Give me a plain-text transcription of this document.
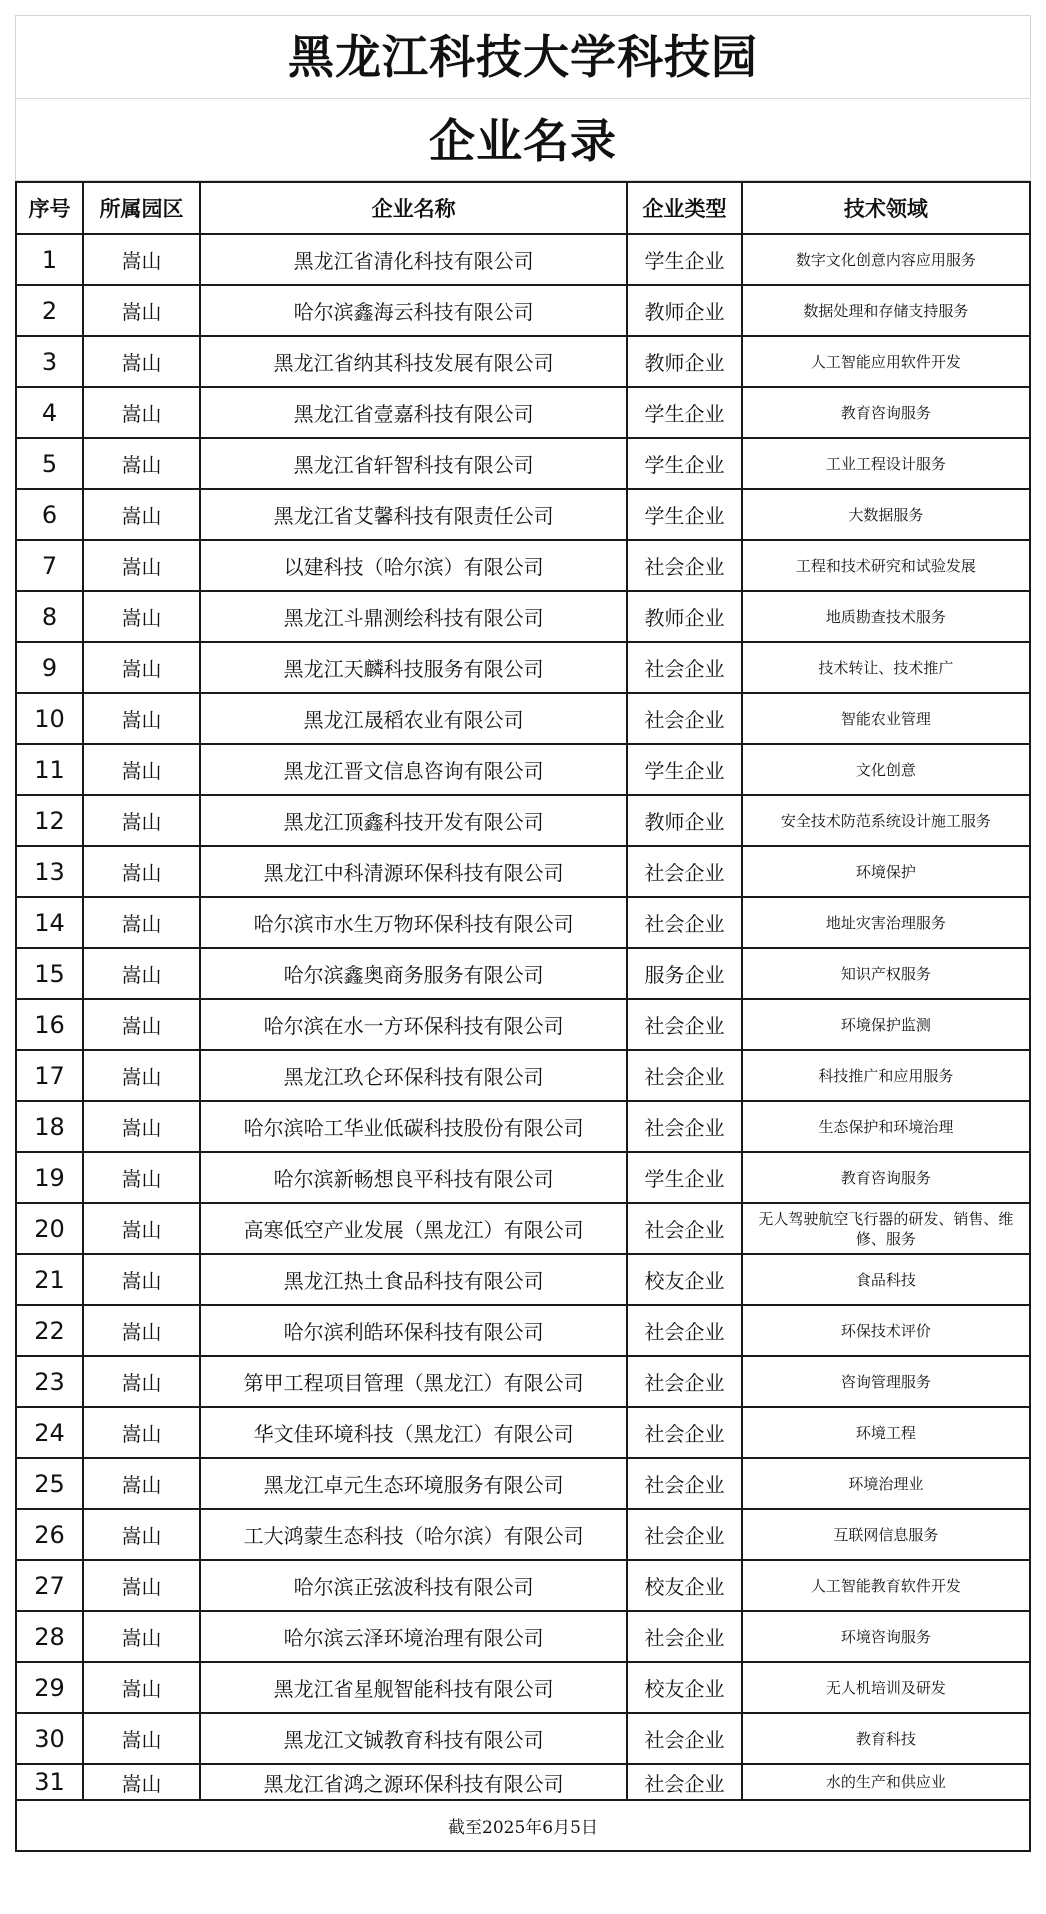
黑龙江科技大学科技园
企业名录
序号	所属园区	企业名称	企业类型	技术领域
1	嵩山	黑龙江省清化科技有限公司	学生企业	数字文化创意内容应用服务
2	嵩山	哈尔滨鑫海云科技有限公司	教师企业	数据处理和存储支持服务
3	嵩山	黑龙江省纳其科技发展有限公司	教师企业	人工智能应用软件开发
4	嵩山	黑龙江省壹嘉科技有限公司	学生企业	教育咨询服务
5	嵩山	黑龙江省轩智科技有限公司	学生企业	工业工程设计服务
6	嵩山	黑龙江省艾馨科技有限责任公司	学生企业	大数据服务
7	嵩山	以建科技（哈尔滨）有限公司	社会企业	工程和技术研究和试验发展
8	嵩山	黑龙江斗鼎测绘科技有限公司	教师企业	地质勘查技术服务
9	嵩山	黑龙江天麟科技服务有限公司	社会企业	技术转让、技术推广
10	嵩山	黑龙江晟稻农业有限公司	社会企业	智能农业管理
11	嵩山	黑龙江晋文信息咨询有限公司	学生企业	文化创意
12	嵩山	黑龙江顶鑫科技开发有限公司	教师企业	安全技术防范系统设计施工服务
13	嵩山	黑龙江中科清源环保科技有限公司	社会企业	环境保护
14	嵩山	哈尔滨市水生万物环保科技有限公司	社会企业	地址灾害治理服务
15	嵩山	哈尔滨鑫奥商务服务有限公司	服务企业	知识产权服务
16	嵩山	哈尔滨在水一方环保科技有限公司	社会企业	环境保护监测
17	嵩山	黑龙江玖仑环保科技有限公司	社会企业	科技推广和应用服务
18	嵩山	哈尔滨哈工华业低碳科技股份有限公司	社会企业	生态保护和环境治理
19	嵩山	哈尔滨新畅想良平科技有限公司	学生企业	教育咨询服务
20	嵩山	高寒低空产业发展（黑龙江）有限公司	社会企业	无人驾驶航空飞行器的研发、销售、维修、服务
21	嵩山	黑龙江热土食品科技有限公司	校友企业	食品科技
22	嵩山	哈尔滨利皓环保科技有限公司	社会企业	环保技术评价
23	嵩山	第甲工程项目管理（黑龙江）有限公司	社会企业	咨询管理服务
24	嵩山	华文佳环境科技（黑龙江）有限公司	社会企业	环境工程
25	嵩山	黑龙江卓元生态环境服务有限公司	社会企业	环境治理业
26	嵩山	工大鸿蒙生态科技（哈尔滨）有限公司	社会企业	互联网信息服务
27	嵩山	哈尔滨正弦波科技有限公司	校友企业	人工智能教育软件开发
28	嵩山	哈尔滨云泽环境治理有限公司	社会企业	环境咨询服务
29	嵩山	黑龙江省星舰智能科技有限公司	校友企业	无人机培训及研发
30	嵩山	黑龙江文铖教育科技有限公司	社会企业	教育科技
31	嵩山	黑龙江省鸿之源环保科技有限公司	社会企业	水的生产和供应业
截至2025年6月5日				
